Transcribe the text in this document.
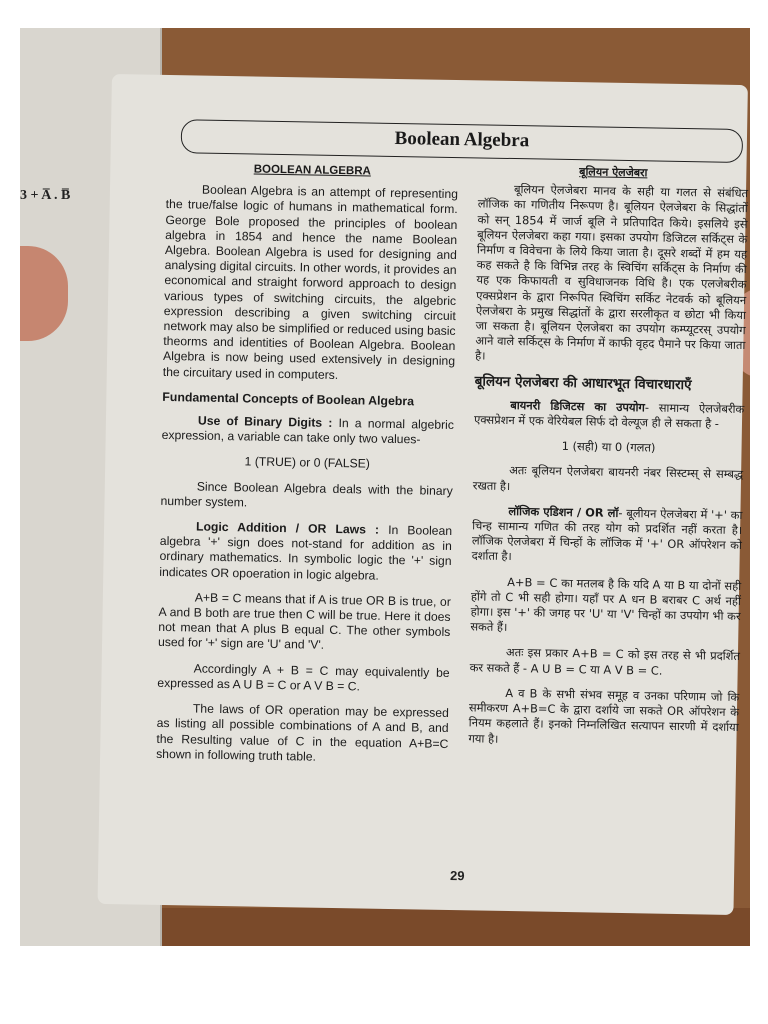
3 + A̅ . B̅
Boolean Algebra
BOOLEAN ALGEBRA

Boolean Algebra is an attempt of representing the true/false logic of humans in mathematical form. George Bole proposed the principles of boolean algebra in 1854 and hence the name Boolean Algebra. Boolean Algebra is used for designing and analysing digital circuits. In other words, it provides an economical and straight forword approach to design various types of switching circuits, the algebric expression describing a given switching circuit network may also be simplified or reduced using basic theorms and identities of Boolean Algebra. Boolean Algebra is now being used extensively in designing the circuitary used in computers.

Fundamental Concepts of Boolean Algebra

Use of Binary Digits : In a normal algebric expression, a variable can take only two values-

1 (TRUE) or 0 (FALSE)

Since Boolean Algebra deals with the binary number system.

Logic Addition / OR Laws : In Boolean algebra '+' sign does not-stand for addition as in ordinary mathematics. In symbolic logic the '+' sign indicates OR opoeration in logic algebra.

A+B = C means that if A is true OR B is true, or A and B both are true then C will be true. Here it does not mean that A plus B equal C. The other symbols used for '+' sign are 'U' and 'V'.

Accordingly A + B = C may equivalently be expressed as A U B = C or A V B = C.

The laws of OR operation may be expressed as listing all possible combinations of A and B, and the Resulting value of C in the equation A+B=C shown in following truth table.

बूलियन ऐलजेबरा

बूलियन ऐलजेबरा मानव के सही या गलत से संबंधित लॉजिक का गणितीय निरूपण है। बूलियन ऐलजेबरा के सिद्धांतों को सन् 1854 में जार्ज बूलि ने प्रतिपादित किये। इसलिये इसे बूलियन ऐलजेबरा कहा गया। इसका उपयोग डिजिटल सर्किट्स के निर्माण व विवेचना के लिये किया जाता है। दूसरे शब्दों में हम यह कह सकते है कि विभिन्न तरह के स्विचिंग सर्किट्स के निर्माण की यह एक किफायती व सुविधाजनक विधि है। एक एलजेबरीक एक्सप्रेशन के द्वारा निरूपित स्विचिंग सर्किट नेटवर्क को बूलियन ऐलजेबरा के प्रमुख सिद्धांतों के द्वारा सरलीकृत व छोटा भी किया जा सकता है। बूलियन ऐलजेबरा का उपयोग कम्प्यूटरस् उपयोग आने वाले सर्किट्स के निर्माण में काफी वृहद पैमाने पर किया जाता है।

बूलियन ऐलजेबरा की आधारभूत विचारधाराएँ

बायनरी डिजिटस का उपयोग- सामान्य ऐलजेबरीक एक्सप्रेशन में एक वेरियेबल सिर्फ दो वेल्यूज ही ले सकता है -

1 (सही) या 0 (गलत)

अतः बूलियन ऐलजेबरा बायनरी नंबर सिस्टम्स् से सम्बद्ध रखता है।

लॉजिक एडिशन / OR लॉ- बूलीयन ऐलजेबरा में '+' का चिन्ह सामान्य गणित की तरह योग को प्रदर्शित नहीं करता है। लॉजिक ऐलजेबरा में चिन्हों के लॉजिक में '+' OR ऑपरेशन को दर्शाता है।

A+B = C का मतलब है कि यदि A या B या दोनों सही होंगे तो C भी सही होगा। यहाँ पर A धन B बराबर C अर्थ नहीं होगा। इस '+' की जगह पर 'U' या 'V' चिन्हों का उपयोग भी कर सकते हैं।

अतः इस प्रकार A+B = C को इस तरह से भी प्रदर्शित कर सकते हैं - A U B = C या A V B = C.

A व B के सभी संभव समूह व उनका परिणाम जो कि समीकरण A+B=C के द्वारा दर्शाये जा सकते OR ऑपरेशन के नियम कहलाते हैं। इनको निम्नलिखित सत्यापन सारणी में दर्शाया गया है।

29
